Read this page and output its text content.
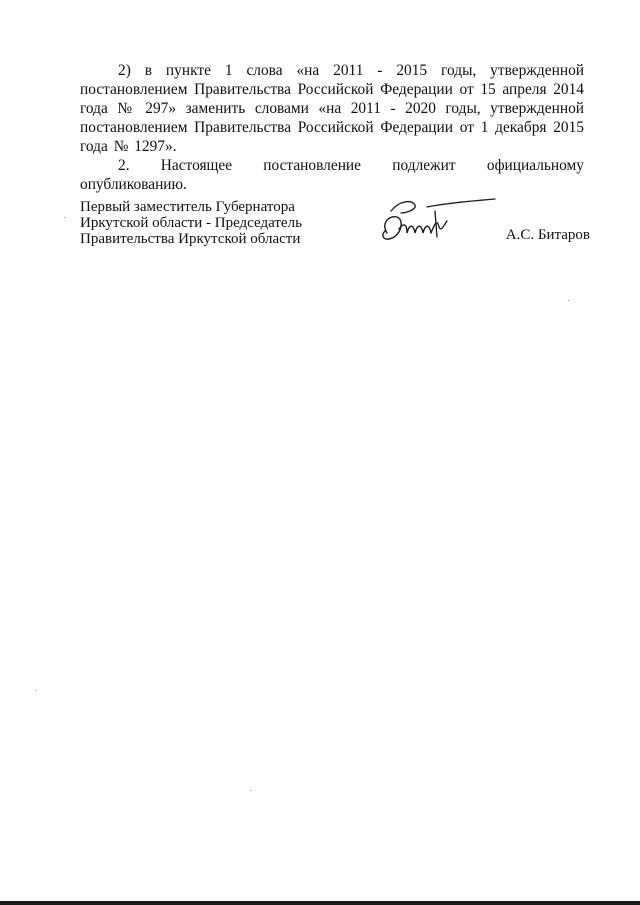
2) в пункте 1 слова «на 2011 - 2015 годы, утвержденной постановлением Правительства Российской Федерации от 15 апреля 2014 года № 297» заменить словами «на 2011 - 2020 годы, утвержденной постановлением Правительства Российской Федерации от 1 декабря 2015 года № 1297».

2. Настоящее постановление подлежит официальному опубликованию.

Первый заместитель Губернатора
Иркутской области - Председатель
Правительства Иркутской области	А.С. Битаров
